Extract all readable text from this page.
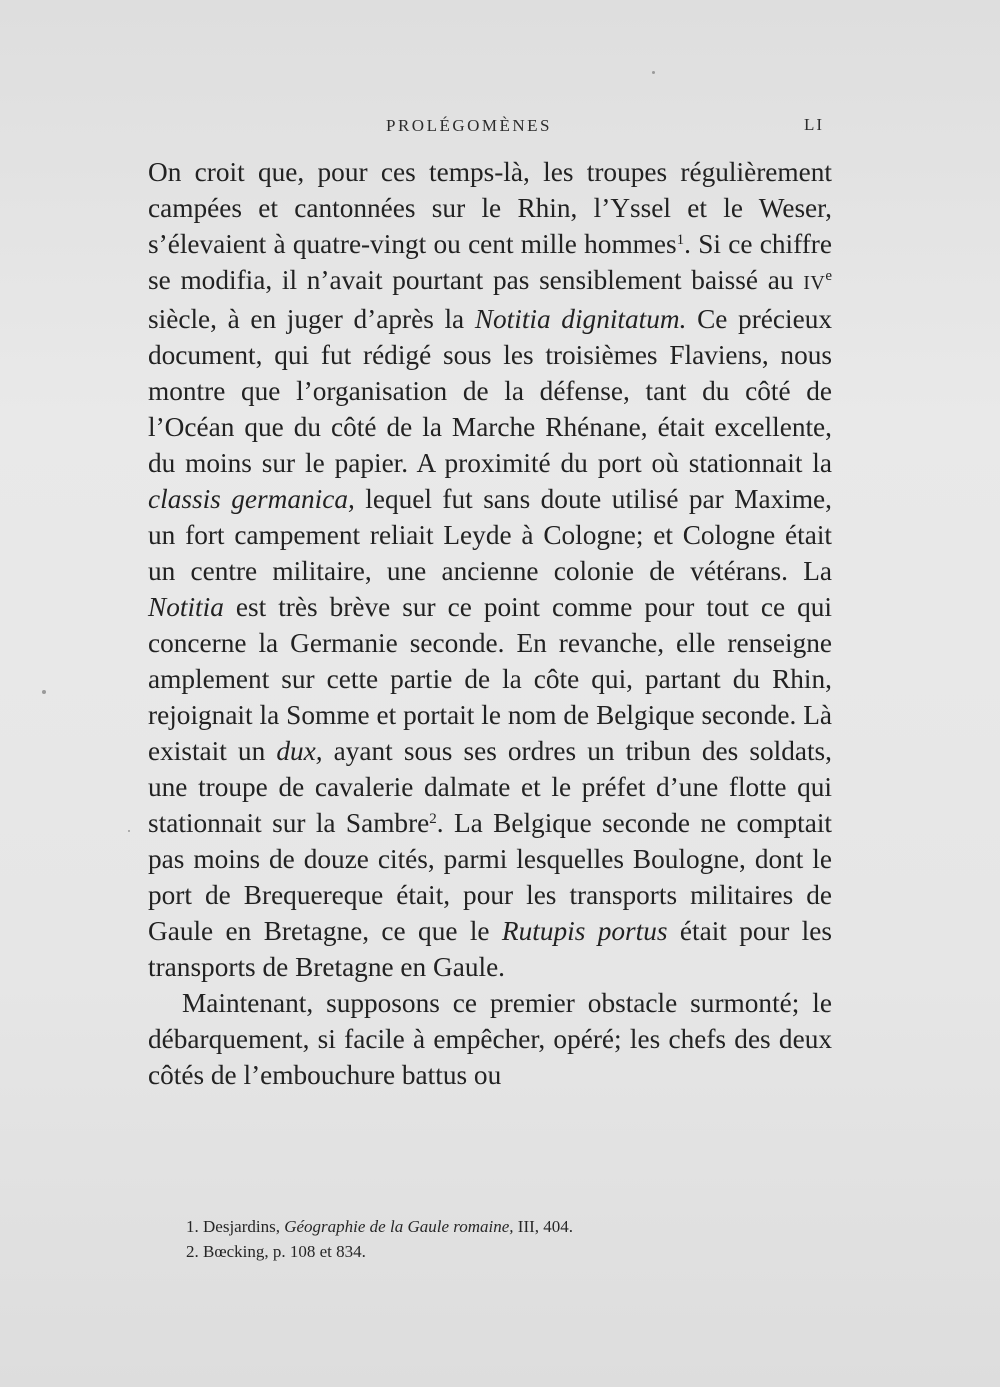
PROLÉGOMÈNES	LI

On croit que, pour ces temps-là, les troupes régulièrement campées et cantonnées sur le Rhin, l’Yssel et le Weser, s’élevaient à quatre-vingt ou cent mille hommes$^1$. Si ce chiffre se modifia, il n’avait pourtant pas sensiblement baissé au IVe siècle, à en juger d’après la Notitia dignitatum. Ce précieux document, qui fut rédigé sous les troisièmes Flaviens, nous montre que l’organisation de la défense, tant du côté de l’Océan que du côté de la Marche Rhénane, était excellente, du moins sur le papier. A proximité du port où stationnait la classis germanica, lequel fut sans doute utilisé par Maxime, un fort campement reliait Leyde à Cologne; et Cologne était un centre militaire, une ancienne colonie de vétérans. La Notitia est très brève sur ce point comme pour tout ce qui concerne la Germanie seconde. En revanche, elle renseigne amplement sur cette partie de la côte qui, partant du Rhin, rejoignait la Somme et portait le nom de Belgique seconde. Là existait un dux, ayant sous ses ordres un tribun des soldats, une troupe de cavalerie dalmate et le préfet d’une flotte qui stationnait sur la Sambre$^2$. La Belgique seconde ne comptait pas moins de douze cités, parmi lesquelles Boulogne, dont le port de Brequereque était, pour les transports militaires de Gaule en Bretagne, ce que le Rutupis portus était pour les transports de Bretagne en Gaule.

Maintenant, supposons ce premier obstacle surmonté; le débarquement, si facile à empêcher, opéré; les chefs des deux côtés de l’embouchure battus ou

1. Desjardins, Géographie de la Gaule romaine, III, 404.
2. Bœcking, p. 108 et 834.
